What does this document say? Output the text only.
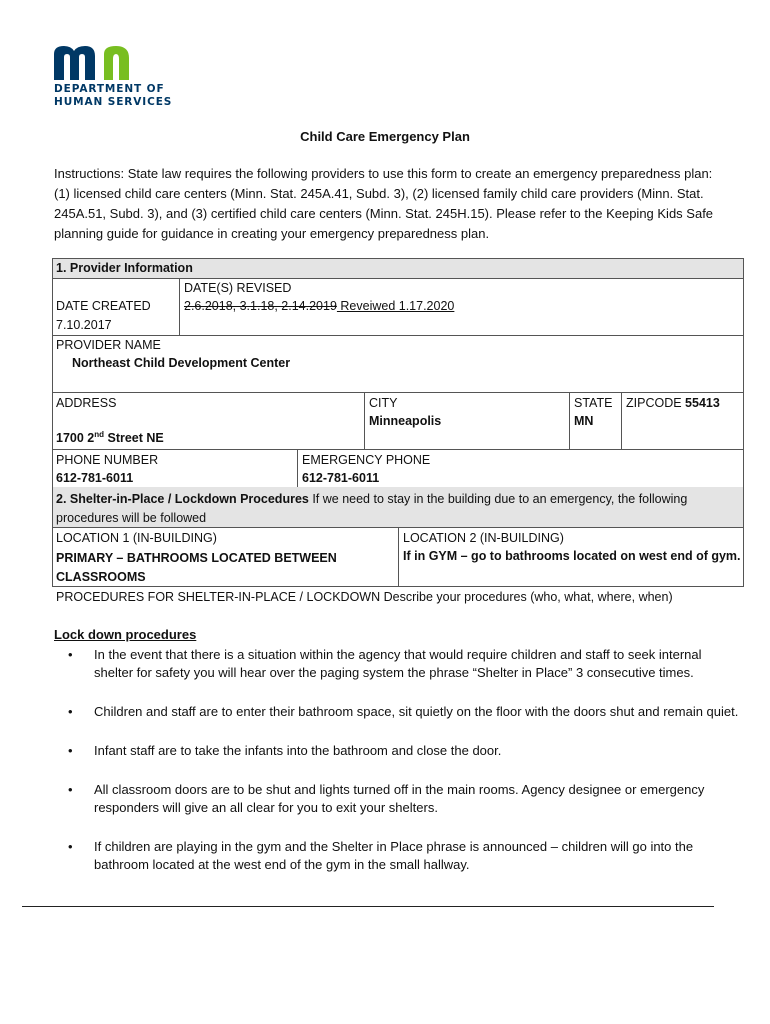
DEPARTMENT OF
HUMAN SERVICES
Child Care Emergency Plan
Instructions: State law requires the following providers to use this form to create an emergency preparedness plan: (1) licensed child care centers (Minn. Stat. 245A.41, Subd. 3), (2) licensed family child care providers (Minn. Stat. 245A.51, Subd. 3), and (3) certified child care centers (Minn. Stat. 245H.15). Please refer to the Keeping Kids Safe planning guide for guidance in creating your emergency preparedness plan.
1. Provider Information
DATE CREATED
7.10.2017
DATE(S) REVISED
2.6.2018, 3.1.18, 2.14.2019 Reveiwed 1.17.2020
PROVIDER NAME
Northeast Child Development Center
ADDRESS
1700 2nd Street NE
CITY
Minneapolis
STATE
MN
ZIPCODE 55413
PHONE NUMBER
612-781-6011
EMERGENCY PHONE
612-781-6011
2. Shelter-in-Place / Lockdown Procedures If we need to stay in the building due to an emergency, the following procedures will be followed
LOCATION 1 (IN-BUILDING)
PRIMARY – BATHROOMS LOCATED BETWEEN CLASSROOMS
LOCATION 2 (IN-BUILDING)
If in GYM – go to bathrooms located on west end of gym.
PROCEDURES FOR SHELTER-IN-PLACE / LOCKDOWN Describe your procedures (who, what, where, when)
Lock down procedures
• In the event that there is a situation within the agency that would require children and staff to seek internal shelter for safety you will hear over the paging system the phrase “Shelter in Place” 3 consecutive times.
• Children and staff are to enter their bathroom space, sit quietly on the floor with the doors shut and remain quiet.
• Infant staff are to take the infants into the bathroom and close the door.
• All classroom doors are to be shut and lights turned off in the main rooms. Agency designee or emergency responders will give an all clear for you to exit your shelters.
• If children are playing in the gym and the Shelter in Place phrase is announced – children will go into the bathroom located at the west end of the gym in the small hallway.
